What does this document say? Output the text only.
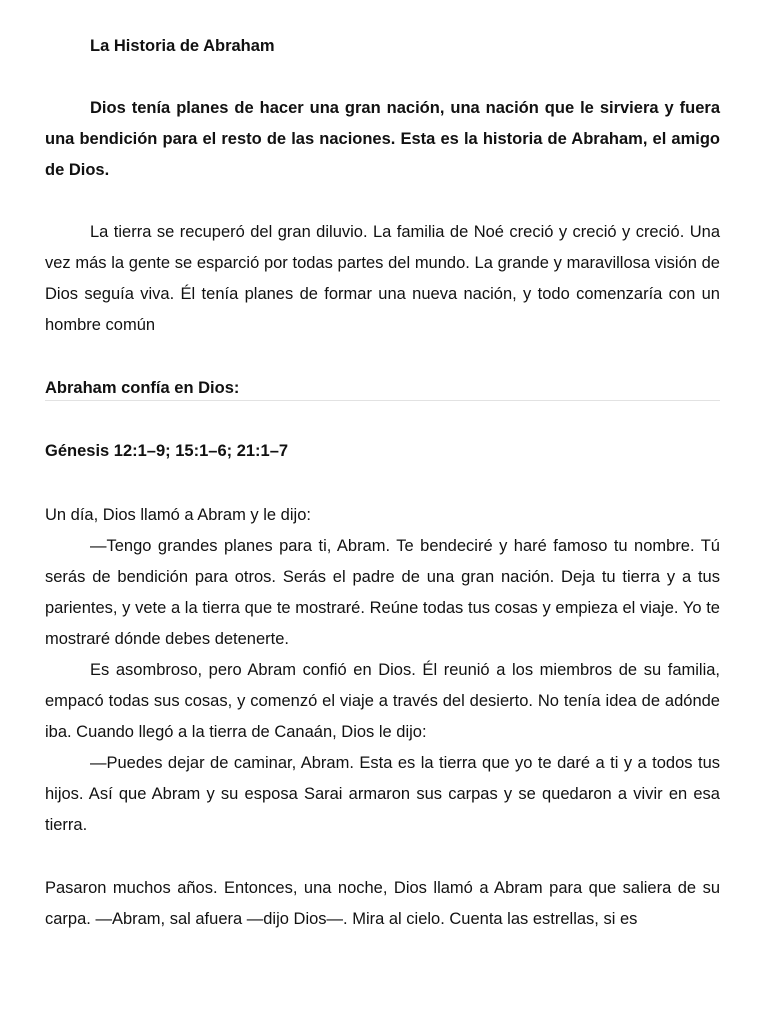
La Historia de Abraham

Dios tenía planes de hacer una gran nación, una nación que le sirviera y fuera una bendición para el resto de las naciones. Esta es la historia de Abraham, el amigo de Dios.

La tierra se recuperó del gran diluvio. La familia de Noé creció y creció y creció. Una vez más la gente se esparció por todas partes del mundo. La grande y maravillosa visión de Dios seguía viva. Él tenía planes de formar una nueva nación, y todo comenzaría con un hombre común

Abraham confía en Dios:

Génesis 12:1–9; 15:1–6; 21:1–7

Un día, Dios llamó a Abram y le dijo:

—Tengo grandes planes para ti, Abram. Te bendeciré y haré famoso tu nombre. Tú serás de bendición para otros. Serás el padre de una gran nación. Deja tu tierra y a tus parientes, y vete a la tierra que te mostraré. Reúne todas tus cosas y empieza el viaje. Yo te mostraré dónde debes detenerte.

Es asombroso, pero Abram confió en Dios. Él reunió a los miembros de su familia, empacó todas sus cosas, y comenzó el viaje a través del desierto. No tenía idea de adónde iba. Cuando llegó a la tierra de Canaán, Dios le dijo:

—Puedes dejar de caminar, Abram. Esta es la tierra que yo te daré a ti y a todos tus hijos. Así que Abram y su esposa Sarai armaron sus carpas y se quedaron a vivir en esa tierra.

Pasaron muchos años. Entonces, una noche, Dios llamó a Abram para que saliera de su carpa. —Abram, sal afuera —dijo Dios—. Mira al cielo. Cuenta las estrellas, si es
